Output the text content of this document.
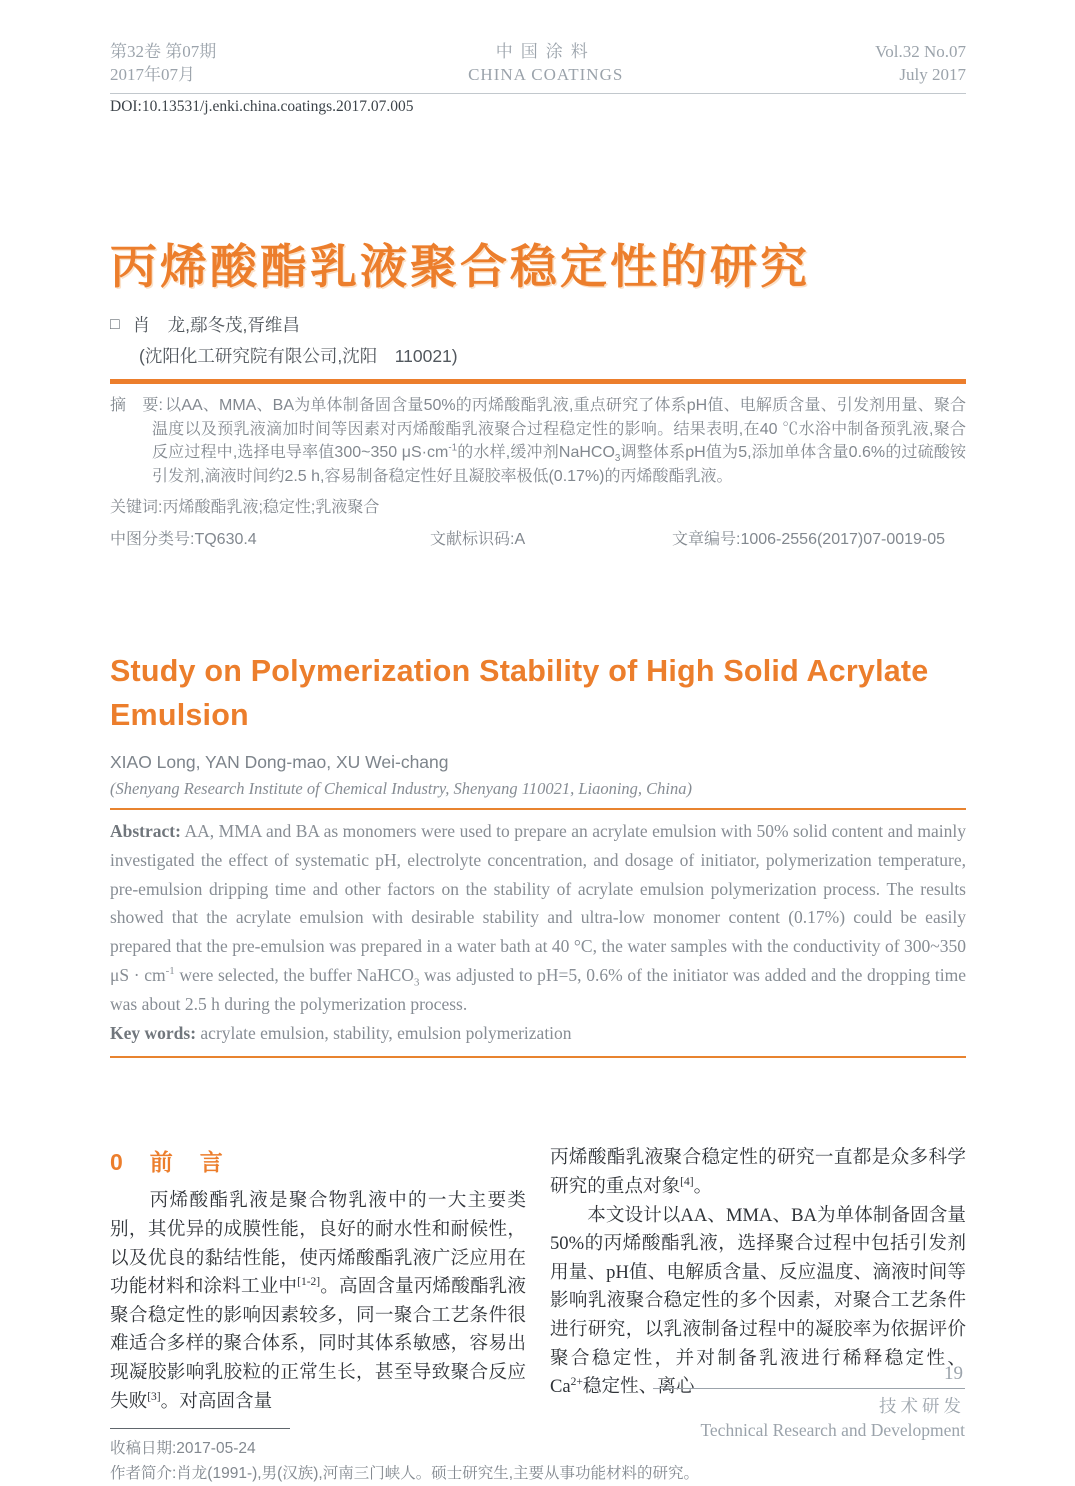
第32卷 第07期
2017年07月
中国涂料
CHINA COATINGS
Vol.32 No.07
July 2017
DOI:10.13531/j.enki.china.coatings.2017.07.005
丙烯酸酯乳液聚合稳定性的研究
□ 肖　龙,鄢冬茂,胥维昌
(沈阳化工研究院有限公司,沈阳　110021)

摘　要: 以AA、MMA、BA为单体制备固含量50%的丙烯酸酯乳液,重点研究了体系pH值、电解质含量、引发剂用量、聚合温度以及预乳液滴加时间等因素对丙烯酸酯乳液聚合过程稳定性的影响。结果表明,在40 ℃水浴中制备预乳液,聚合反应过程中,选择电导率值300~350 $\mu S\cdot cm^{-1}$的水样,缓冲剂NaHCO$_3$调整体系pH值为5,添加单体含量0.6%的过硫酸铵引发剂,滴液时间约2.5 h,容易制备稳定性好且凝胶率极低(0.17%)的丙烯酸酯乳液。

关键词:丙烯酸酯乳液;稳定性;乳液聚合
中图分类号:TQ630.4	文献标识码:A	文章编号:1006-2556(2017)07-0019-05
Study on Polymerization Stability of High Solid Acrylate Emulsion
XIAO Long, YAN Dong-mao, XU Wei-chang
(Shenyang Research Institute of Chemical Industry, Shenyang 110021, Liaoning, China)

Abstract: AA, MMA and BA as monomers were used to prepare an acrylate emulsion with 50% solid content and mainly investigated the effect of systematic pH, electrolyte concentration, and dosage of initiator, polymerization temperature, pre-emulsion dripping time and other factors on the stability of acrylate emulsion polymerization process. The results showed that the acrylate emulsion with desirable stability and ultra-low monomer content (0.17%) could be easily prepared that the pre-emulsion was prepared in a water bath at 40 °C, the water samples with the conductivity of 300~350 $\mu S \cdot cm^{-1}$ were selected, the buffer NaHCO$_3$ was adjusted to pH=5, 0.6% of the initiator was added and the dropping time was about 2.5 h during the polymerization process.

Key words: acrylate emulsion, stability, emulsion polymerization

0　前　言

　　丙烯酸酯乳液是聚合物乳液中的一大主要类别，其优异的成膜性能，良好的耐水性和耐候性，以及优良的黏结性能，使丙烯酸酯乳液广泛应用在功能材料和涂料工业中[1-2]。高固含量丙烯酸酯乳液聚合稳定性的影响因素较多，同一聚合工艺条件很难适合多样的聚合体系，同时其体系敏感，容易出现凝胶影响乳胶粒的正常生长，甚至导致聚合反应失败[3]。对高固含量

收稿日期:2017-05-24

丙烯酸酯乳液聚合稳定性的研究一直都是众多科学研究的重点对象[4]。

　　本文设计以AA、MMA、BA为单体制备固含量50%的丙烯酸酯乳液，选择聚合过程中包括引发剂用量、pH值、电解质含量、反应温度、滴液时间等影响乳液聚合稳定性的多个因素，对聚合工艺条件进行研究，以乳液制备过程中的凝胶率为依据评价聚合稳定性，并对制备乳液进行稀释稳定性、$Ca^{2+}$稳定性、离心

作者简介:肖龙(1991-),男(汉族),河南三门峡人。硕士研究生,主要从事功能材料的研究。
19
技术研发
Technical Research and Development
